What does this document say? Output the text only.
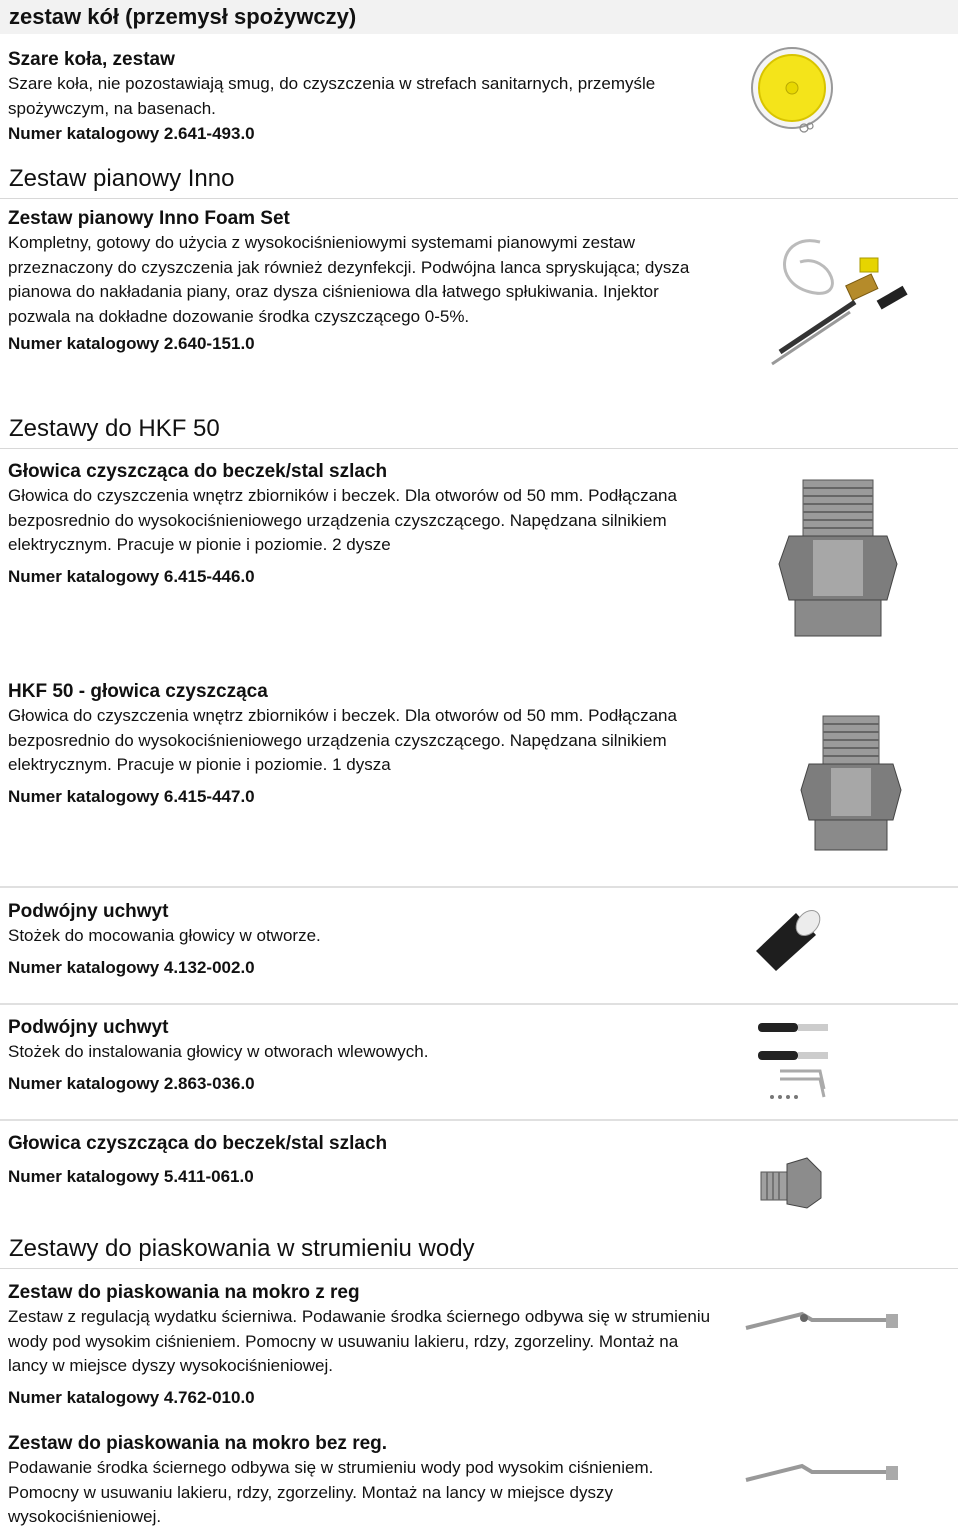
zestaw kół (przemysł spożywczy)
Szare koła, zestaw
Szare koła, nie pozostawiają smug, do czyszczenia w strefach sanitarnych, przemyśle spożywczym, na basenach.
Numer katalogowy 2.641-493.0
Zestaw pianowy Inno
Zestaw pianowy Inno Foam Set
Kompletny, gotowy do użycia z wysokociśnieniowymi systemami pianowymi zestaw przeznaczony do czyszczenia jak również dezynfekcji. Podwójna lanca spryskująca; dysza pianowa do nakładania piany, oraz dysza ciśnieniowa dla łatwego spłukiwania. Injektor pozwala na dokładne dozowanie środka czyszczącego 0-5%.
Numer katalogowy 2.640-151.0
Zestawy do HKF 50
Głowica czyszcząca do beczek/stal szlach
Głowica do czyszczenia wnętrz zbiorników i beczek. Dla otworów od 50 mm. Podłączana bezposrednio do wysokociśnieniowego urządzenia czyszczącego. Napędzana silnikiem elektrycznym. Pracuje w pionie i poziomie. 2 dysze
Numer katalogowy 6.415-446.0
HKF 50 - głowica czyszcząca
Głowica do czyszczenia wnętrz zbiorników i beczek. Dla otworów od 50 mm. Podłączana bezposrednio do wysokociśnieniowego urządzenia czyszczącego. Napędzana silnikiem elektrycznym. Pracuje w pionie i poziomie. 1 dysza
Numer katalogowy 6.415-447.0
Podwójny uchwyt
Stożek do mocowania głowicy w otworze.
Numer katalogowy 4.132-002.0
Podwójny uchwyt
Stożek do instalowania głowicy w otworach wlewowych.
Numer katalogowy 2.863-036.0
Głowica czyszcząca do beczek/stal szlach
Numer katalogowy 5.411-061.0
Zestawy do piaskowania w strumieniu wody
Zestaw do piaskowania na mokro z reg
Zestaw z regulacją wydatku ściernіwa. Podawanie środka ściernego odbywa się w strumieniu wody pod wysokim ciśnieniem. Pomocny w usuwaniu lakieru, rdzy, zgorzeliny. Montaż na lancy w miejsce dyszy wysokociśnieniowej.
Numer katalogowy 4.762-010.0
Zestaw do piaskowania na mokro bez reg.
Podawanie środka ściernego odbywa się w strumieniu wody pod wysokim ciśnieniem. Pomocny w usuwaniu lakieru, rdzy, zgorzeliny. Montaż na lancy w miejsce dyszy wysokociśnieniowej.
